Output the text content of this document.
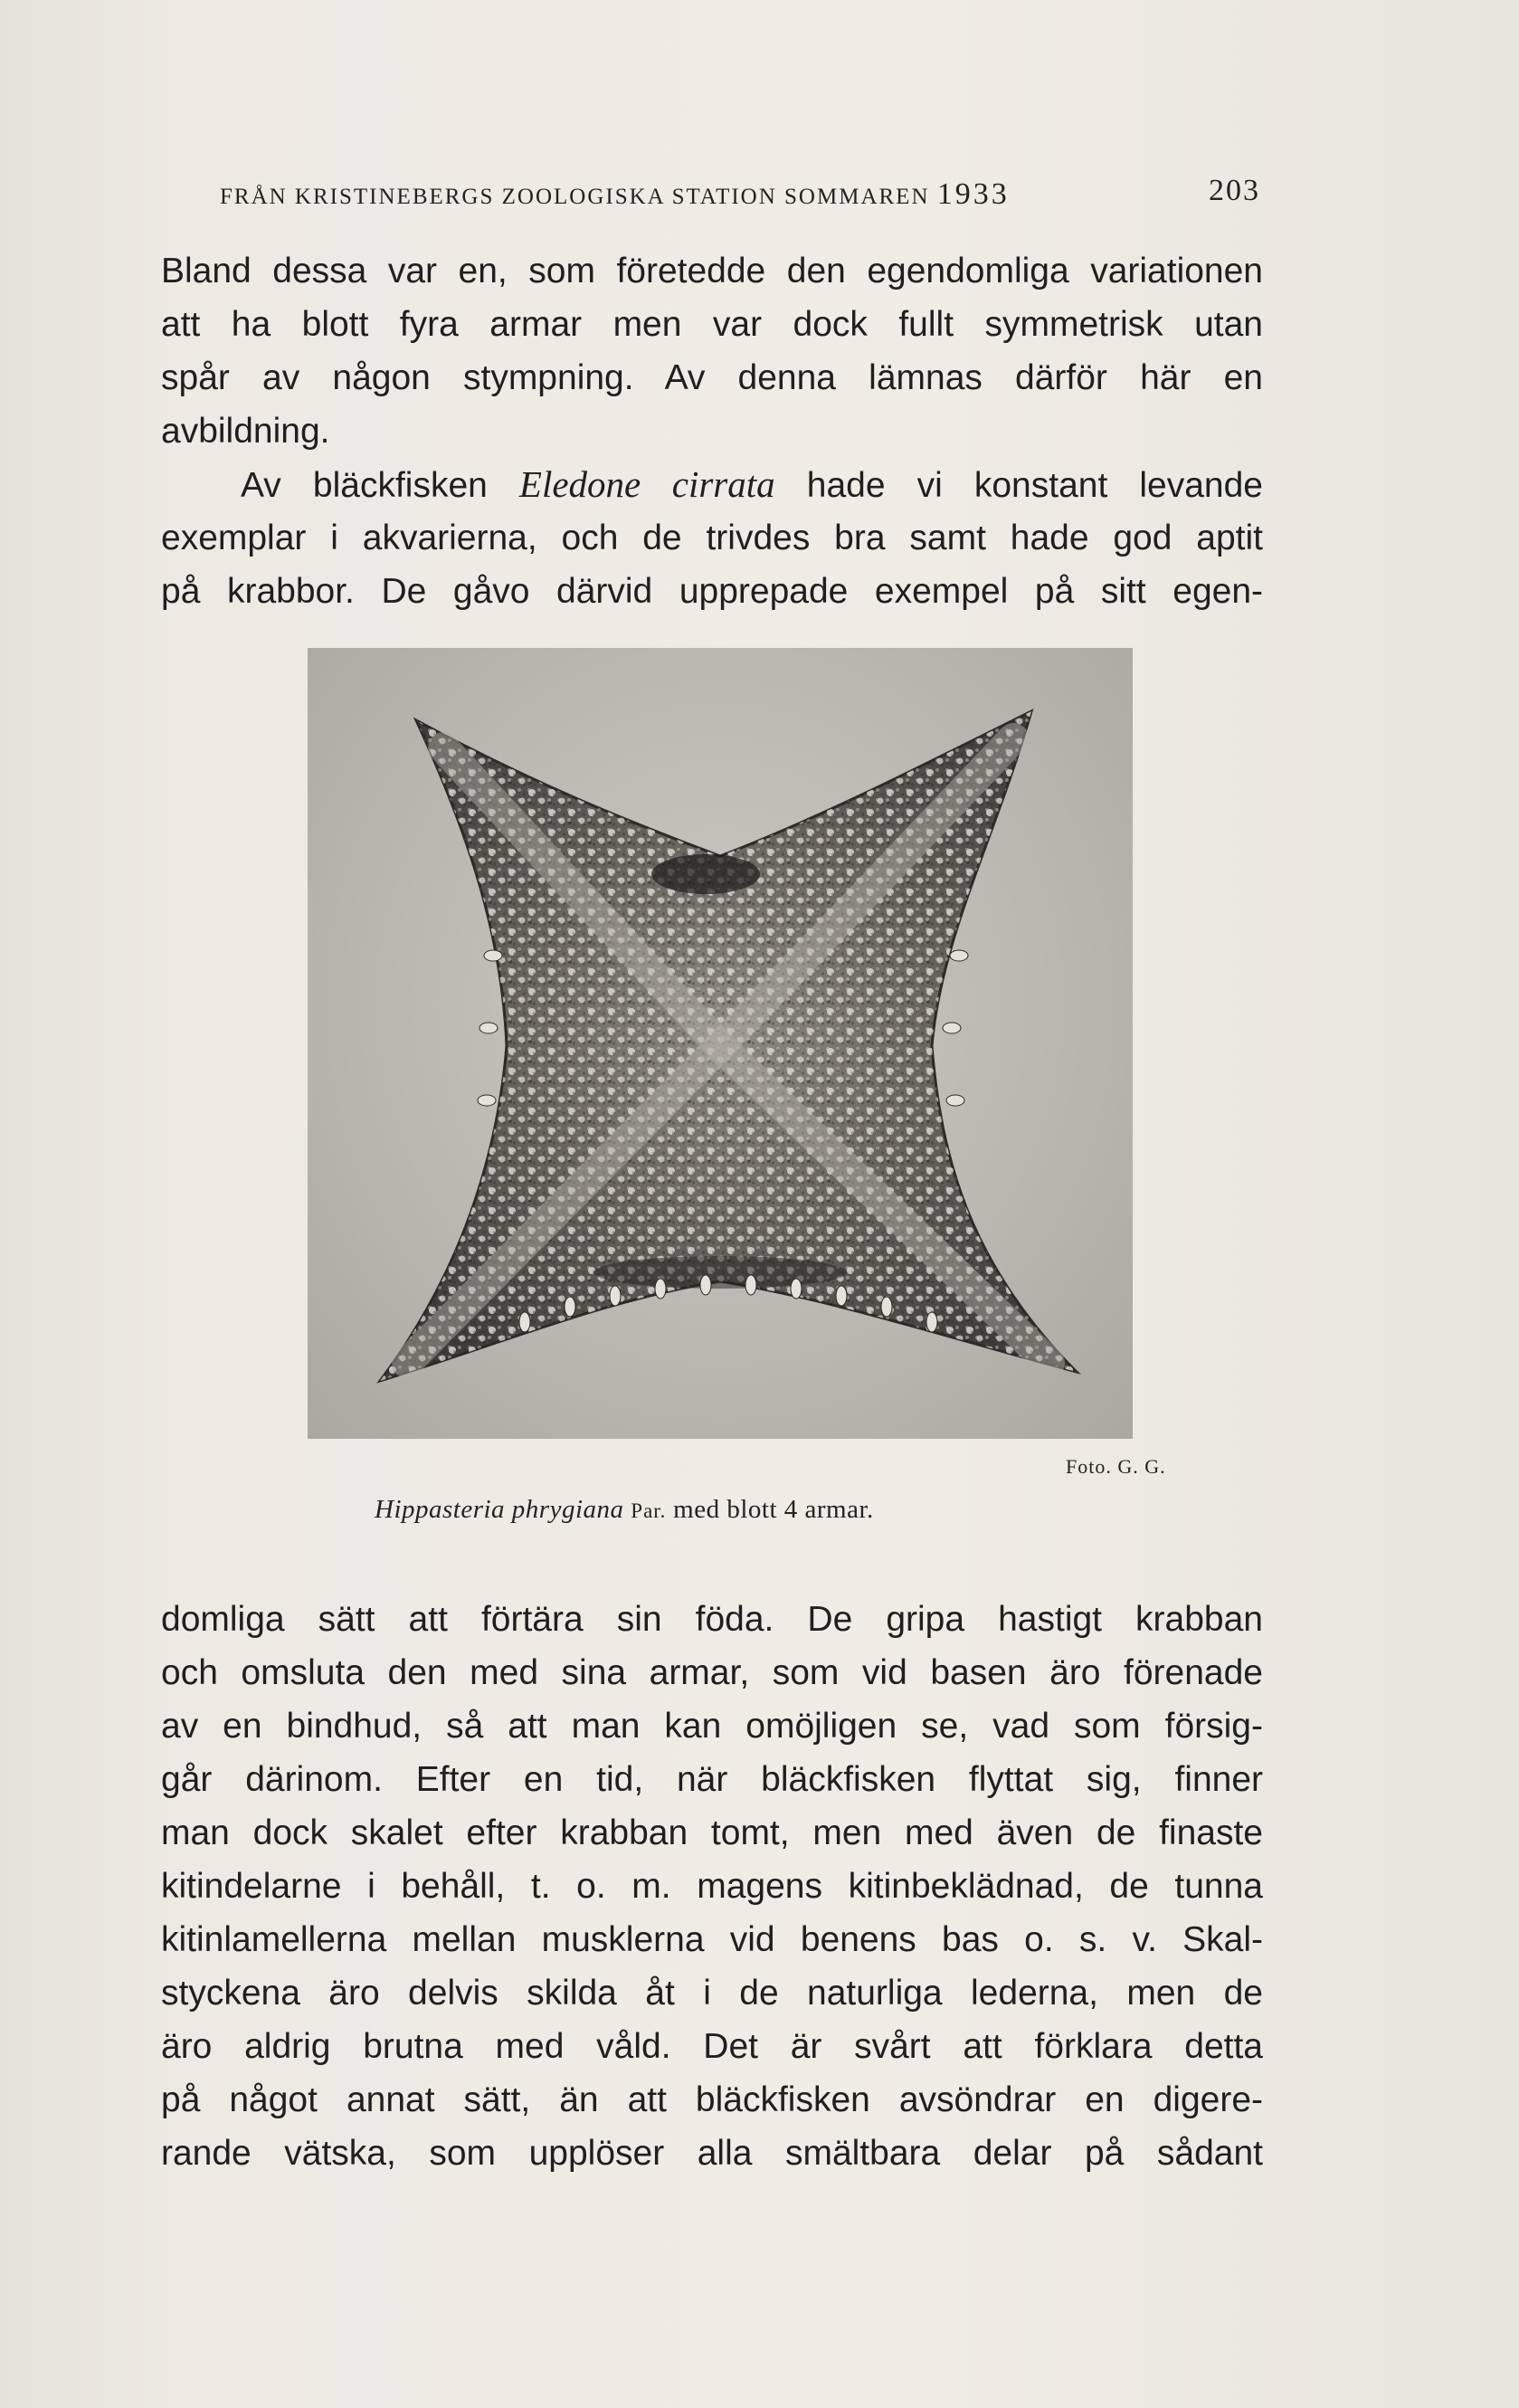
FRÅN KRISTINEBERGS ZOOLOGISKA STATION SOMMAREN 1933	203

Bland dessa var en, som företedde den egendomliga variationen
att ha blott fyra armar men var dock fullt symmetrisk utan
spår av någon stympning. Av denna lämnas därför här en
avbildning.

Av bläckfisken Eledone cirrata hade vi konstant levande
exemplar i akvarierna, och de trivdes bra samt hade god aptit
på krabbor. De gåvo därvid upprepade exempel på sitt egen-

Foto. G. G.
Hippasteria phrygiana Par. med blott 4 armar.

domliga sätt att förtära sin föda. De gripa hastigt krabban
och omsluta den med sina armar, som vid basen äro förenade
av en bindhud, så att man kan omöjligen se, vad som försig-
går därinom. Efter en tid, när bläckfisken flyttat sig, finner
man dock skalet efter krabban tomt, men med även de finaste
kitindelarne i behåll, t. o. m. magens kitinbeklädnad, de tunna
kitinlamellerna mellan musklerna vid benens bas o. s. v. Skal-
styckena äro delvis skilda åt i de naturliga lederna, men de
äro aldrig brutna med våld. Det är svårt att förklara detta
på något annat sätt, än att bläckfisken avsöndrar en digere-
rande vätska, som upplöser alla smältbara delar på sådant
